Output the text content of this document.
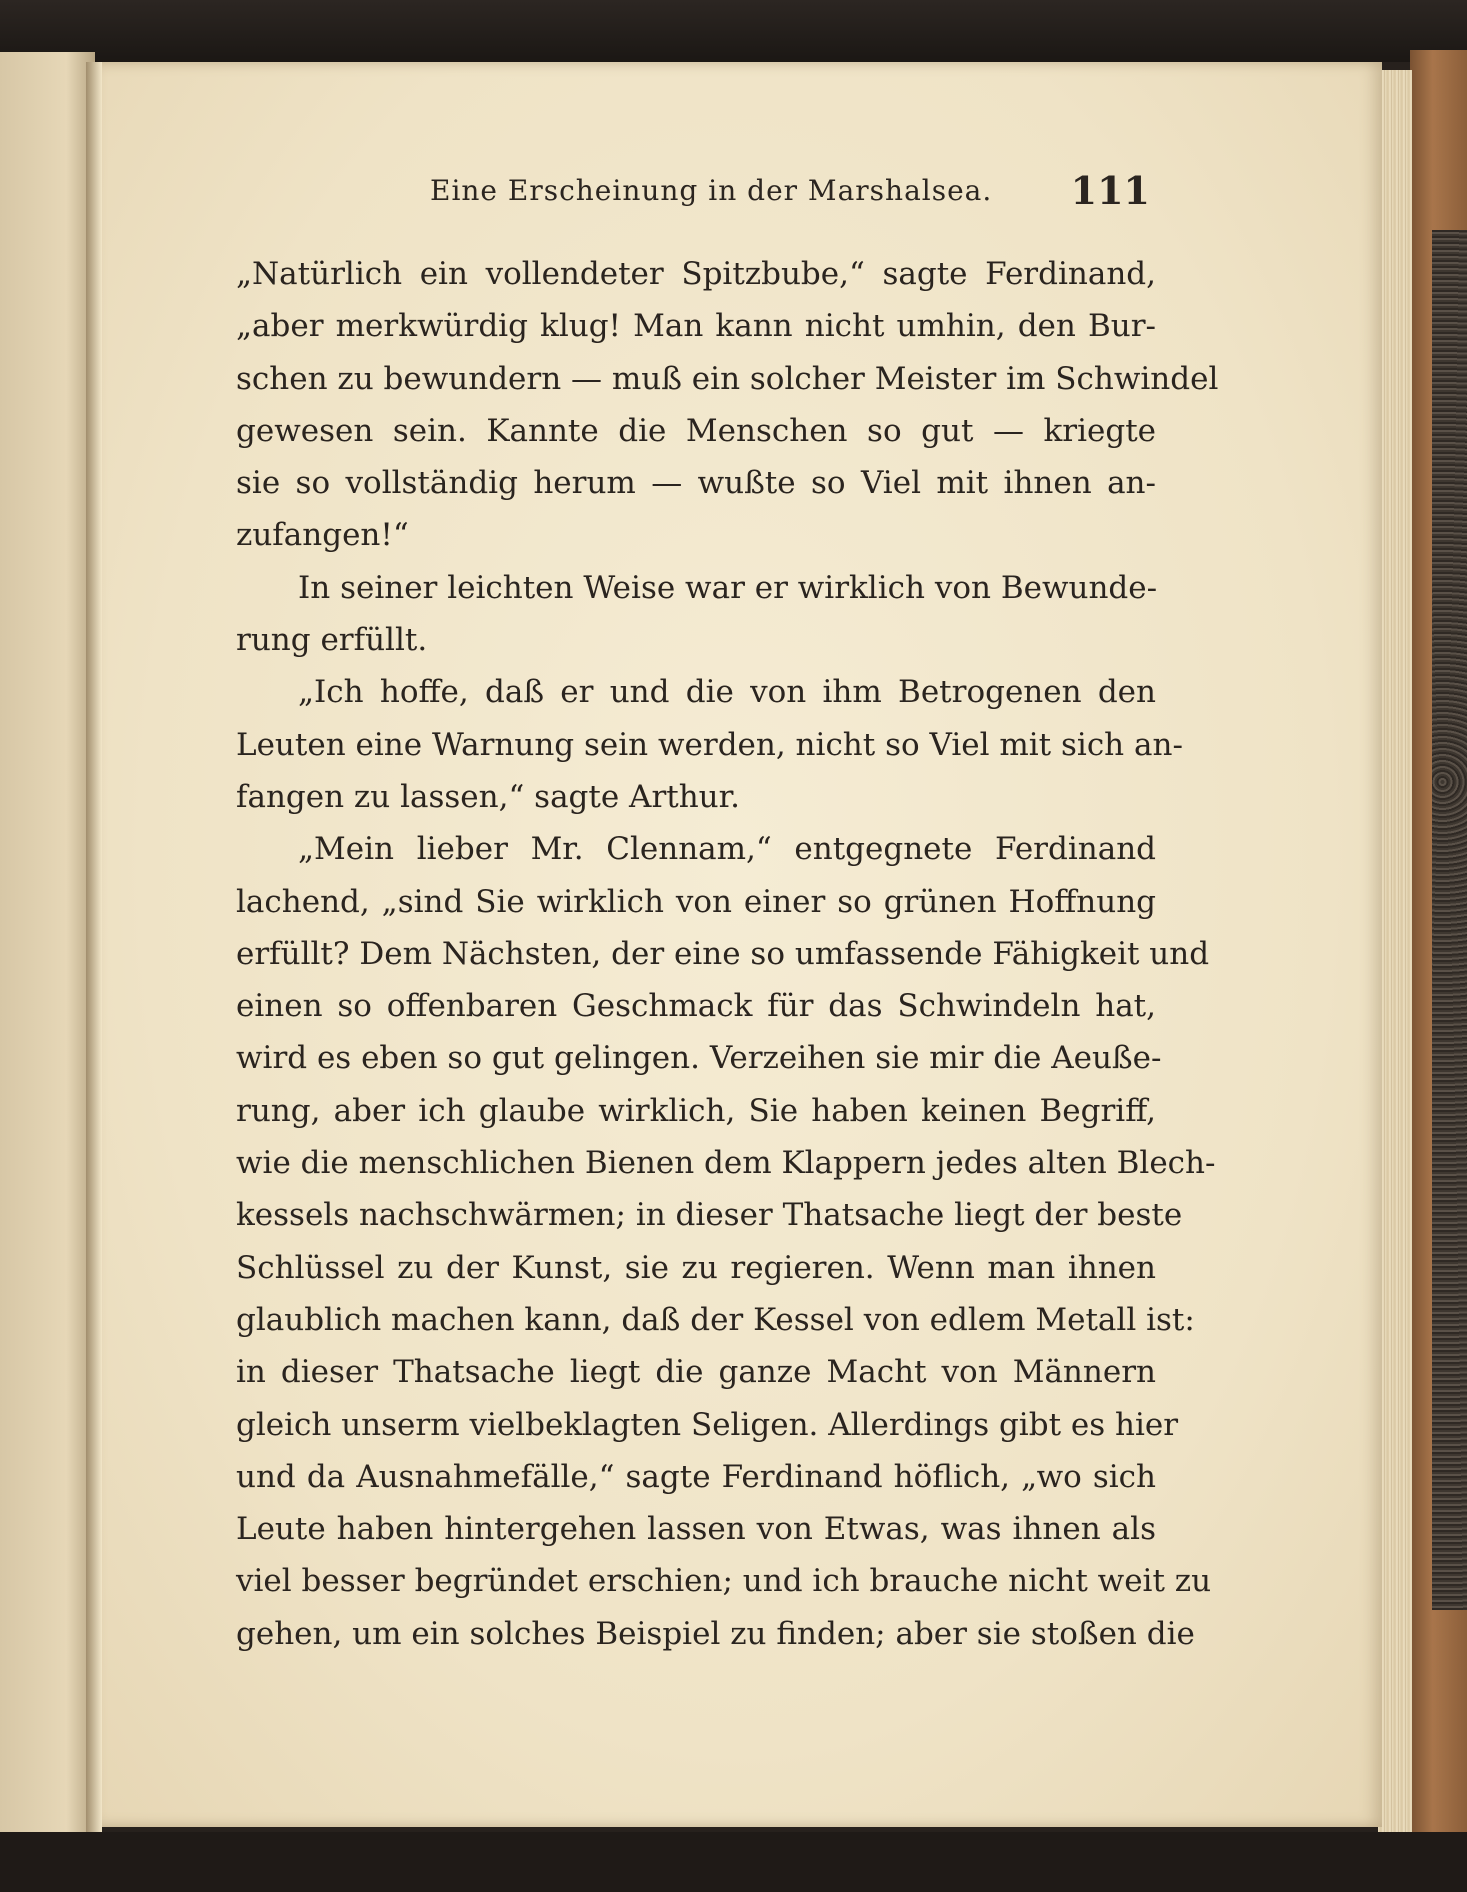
Eine Erscheinung in der Marshalsea. 111
„Natürlich ein vollendeter Spitzbube,“ sagte Ferdinand,
„aber merkwürdig klug! Man kann nicht umhin, den Bur-
schen zu bewundern — muß ein solcher Meister im Schwindel
gewesen sein. Kannte die Menschen so gut — kriegte
sie so vollständig herum — wußte so Viel mit ihnen an-
zufangen!“
In seiner leichten Weise war er wirklich von Bewunde-
rung erfüllt.
„Ich hoffe, daß er und die von ihm Betrogenen den
Leuten eine Warnung sein werden, nicht so Viel mit sich an-
fangen zu lassen,“ sagte Arthur.
„Mein lieber Mr. Clennam,“ entgegnete Ferdinand
lachend, „sind Sie wirklich von einer so grünen Hoffnung
erfüllt? Dem Nächsten, der eine so umfassende Fähigkeit und
einen so offenbaren Geschmack für das Schwindeln hat,
wird es eben so gut gelingen. Verzeihen sie mir die Aeuße-
rung, aber ich glaube wirklich, Sie haben keinen Begriff,
wie die menschlichen Bienen dem Klappern jedes alten Blech-
kessels nachschwärmen; in dieser Thatsache liegt der beste
Schlüssel zu der Kunst, sie zu regieren. Wenn man ihnen
glaublich machen kann, daß der Kessel von edlem Metall ist:
in dieser Thatsache liegt die ganze Macht von Männern
gleich unserm vielbeklagten Seligen. Allerdings gibt es hier
und da Ausnahmefälle,“ sagte Ferdinand höflich, „wo sich
Leute haben hintergehen lassen von Etwas, was ihnen als
viel besser begründet erschien; und ich brauche nicht weit zu
gehen, um ein solches Beispiel zu finden; aber sie stoßen die
